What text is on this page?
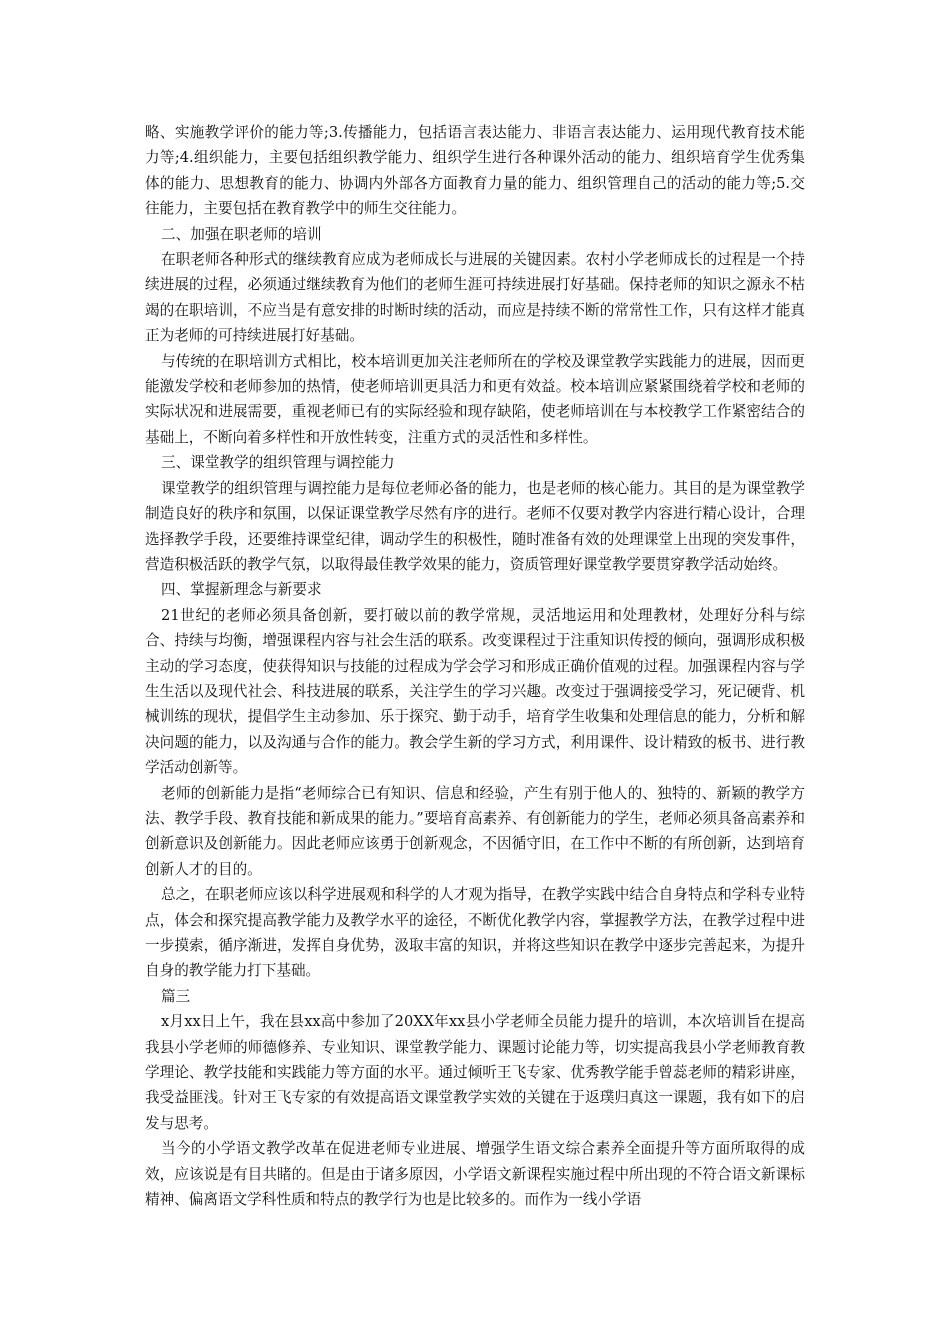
略、实施教学评价的能力等;3.传播能力，包括语言表达能力、非语言表达能力、运用现代教育技术能力等;4.组织能力，主要包括组织教学能力、组织学生进行各种课外活动的能力、组织培育学生优秀集体的能力、思想教育的能力、协调内外部各方面教育力量的能力、组织管理自己的活动的能力等;5.交往能力，主要包括在教育教学中的师生交往能力。

二、加强在职老师的培训

在职老师各种形式的继续教育应成为老师成长与进展的关键因素。农村小学老师成长的过程是一个持续进展的过程，必须通过继续教育为他们的老师生涯可持续进展打好基础。保持老师的知识之源永不枯竭的在职培训，不应当是有意安排的时断时续的活动，而应是持续不断的常常性工作，只有这样才能真正为老师的可持续进展打好基础。

与传统的在职培训方式相比，校本培训更加关注老师所在的学校及课堂教学实践能力的进展，因而更能激发学校和老师参加的热情，使老师培训更具活力和更有效益。校本培训应紧紧围绕着学校和老师的实际状况和进展需要，重视老师已有的实际经验和现存缺陷，使老师培训在与本校教学工作紧密结合的基础上，不断向着多样性和开放性转变，注重方式的灵活性和多样性。

三、课堂教学的组织管理与调控能力

课堂教学的组织管理与调控能力是每位老师必备的能力，也是老师的核心能力。其目的是为课堂教学制造良好的秩序和氛围，以保证课堂教学尽然有序的进行。老师不仅要对教学内容进行精心设计，合理选择教学手段，还要维持课堂纪律，调动学生的积极性，随时准备有效的处理课堂上出现的突发事件，营造积极活跃的教学气氛，以取得最佳教学效果的能力，资质管理好课堂教学要贯穿教学活动始终。

四、掌握新理念与新要求

21世纪的老师必须具备创新，要打破以前的教学常规，灵活地运用和处理教材，处理好分科与综合、持续与均衡，增强课程内容与社会生活的联系。改变课程过于注重知识传授的倾向，强调形成积极主动的学习态度，使获得知识与技能的过程成为学会学习和形成正确价值观的过程。加强课程内容与学生生活以及现代社会、科技进展的联系，关注学生的学习兴趣。改变过于强调接受学习，死记硬背、机械训练的现状，提倡学生主动参加、乐于探究、勤于动手，培育学生收集和处理信息的能力，分析和解决问题的能力，以及沟通与合作的能力。教会学生新的学习方式，利用课件、设计精致的板书、进行教学活动创新等。

老师的创新能力是指“老师综合已有知识、信息和经验，产生有别于他人的、独特的、新颖的教学方法、教学手段、教育技能和新成果的能力。”要培育高素养、有创新能力的学生，老师必须具备高素养和创新意识及创新能力。因此老师应该勇于创新观念，不因循守旧，在工作中不断的有所创新，达到培育创新人才的目的。

总之，在职老师应该以科学进展观和科学的人才观为指导，在教学实践中结合自身特点和学科专业特点，体会和探究提高教学能力及教学水平的途径，不断优化教学内容，掌握教学方法，在教学过程中进一步摸索，循序渐进，发挥自身优势，汲取丰富的知识，并将这些知识在教学中逐步完善起来，为提升自身的教学能力打下基础。

篇三

x月xx日上午，我在县xx高中参加了20XX年xx县小学老师全员能力提升的培训，本次培训旨在提高我县小学老师的师德修养、专业知识、课堂教学能力、课题讨论能力等，切实提高我县小学老师教育教学理论、教学技能和实践能力等方面的水平。通过倾听王飞专家、优秀教学能手曾蕊老师的精彩讲座，我受益匪浅。针对王飞专家的有效提高语文课堂教学实效的关键在于返璞归真这一课题，我有如下的启发与思考。

当今的小学语文教学改革在促进老师专业进展、增强学生语文综合素养全面提升等方面所取得的成效，应该说是有目共睹的。但是由于诸多原因，小学语文新课程实施过程中所出现的不符合语文新课标精神、偏离语文学科性质和特点的教学行为也是比较多的。而作为一线小学语
